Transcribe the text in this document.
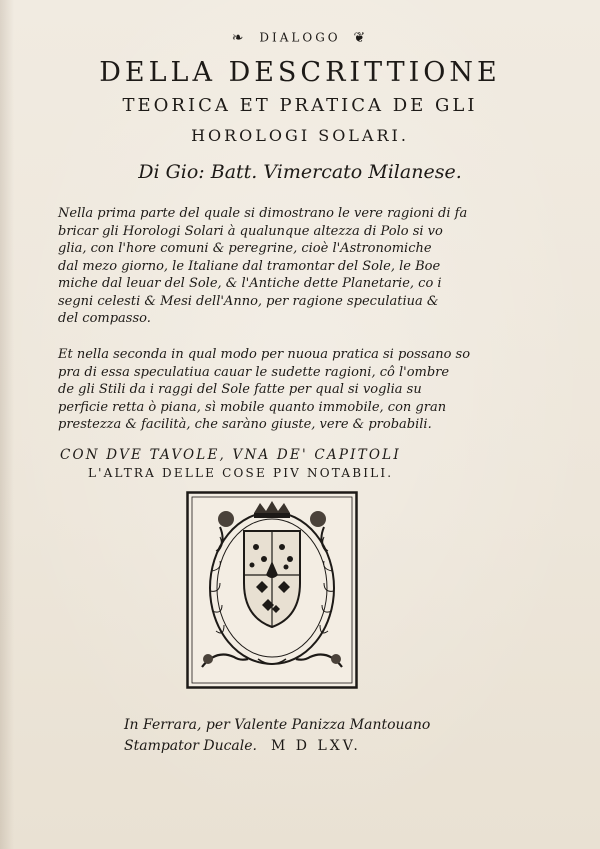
❧ DIALOGO ❦
DELLA DESCRITTIONE
TEORICA ET PRATICA DE GLI
HOROLOGI SOLARI.
Di Gio: Batt. Vimercato Milanese.
Nella prima parte del quale si dimostrano le vere ragioni di fa
bricar gli Horologi Solari à qualunque altezza di Polo si vo
glia, con l'hore comuni & peregrine, cioè l'Astronomiche
dal mezo giorno, le Italiane dal tramontar del Sole, le Boe
miche dal leuar del Sole, & l'Antiche dette Planetarie, co i
segni celesti & Mesi dell'Anno, per ragione speculatiua &
del compasso.
Et nella seconda in qual modo per nuoua pratica si possano so
pra di essa speculatiua cauar le sudette ragioni, cô l'ombre
de gli Stili da i raggi del Sole fatte per qual si voglia su
perficie retta ò piana, sì mobile quanto immobile, con gran
prestezza & facilità, che saràno giuste, vere & probabili.
CON DVE TAVOLE, VNA DE' CAPITOLI
L'ALTRA DELLE COSE PIV NOTABILI.
In Ferrara, per Valente Panizza Mantouano
Stampator Ducale. M D LXV.
